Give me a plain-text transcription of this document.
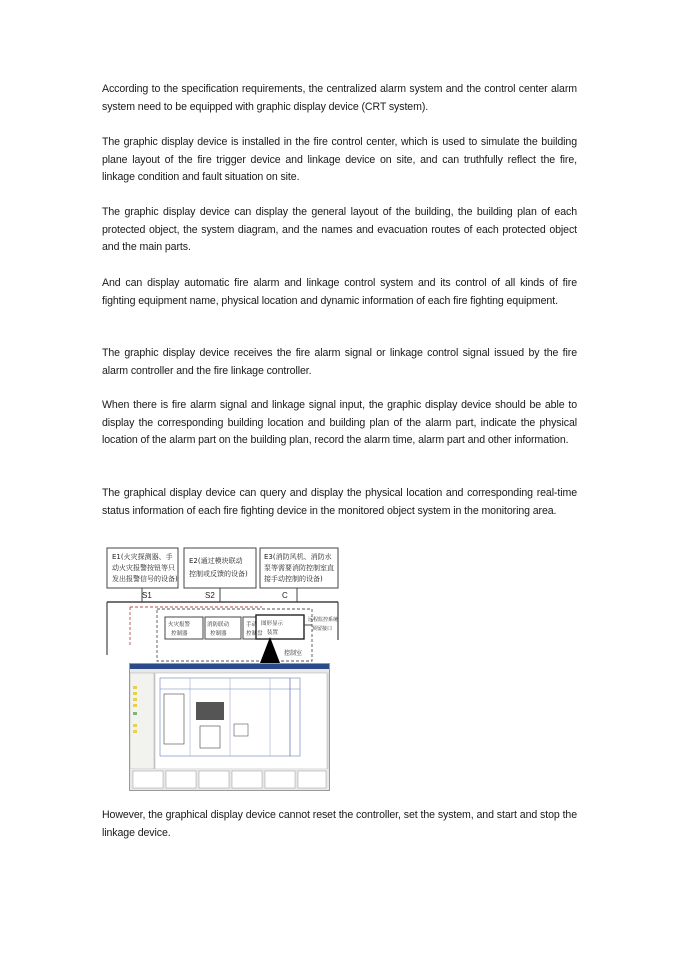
According to the specification requirements, the centralized alarm system and the control center alarm system need to be equipped with graphic display device (CRT system).

The graphic display device is installed in the fire control center, which is used to simulate the building plane layout of the fire trigger device and linkage device on site, and can truthfully reflect the fire, linkage condition and fault situation on site.

The graphic display device can display the general layout of the building, the building plan of each protected object, the system diagram, and the names and evacuation routes of each protected object and the main parts.

And can display automatic fire alarm and linkage control system and its control of all kinds of fire fighting equipment name, physical location and dynamic information of each fire fighting equipment.

The graphic display device receives the fire alarm signal or linkage control signal issued by the fire alarm controller and the fire linkage controller.

When there is fire alarm signal and linkage signal input, the graphic display device should be able to display the corresponding building location and building plan of the alarm part, indicate the physical location of the alarm part on the building plan, record the alarm time, alarm part and other information.

The graphical display device can query and display the physical location and corresponding real-time status information of each fire fighting device in the monitored object system in the monitoring area.

E1(火灾探测器、手 动火灾报警按钮等只 发出报警信号的设备)
E2(通过模块联动 控制或反馈的设备)
E3(消防风机、消防水 泵等需要消防控制室直 接手动控制的设备)
S1	S2	C
火灾报警 控制器
消防联动 控制器
手动 图形显示 装置
控制盘
远程监控系统 预留接口
控制室

However, the graphical display device cannot reset the controller, set the system, and start and stop the linkage device.
